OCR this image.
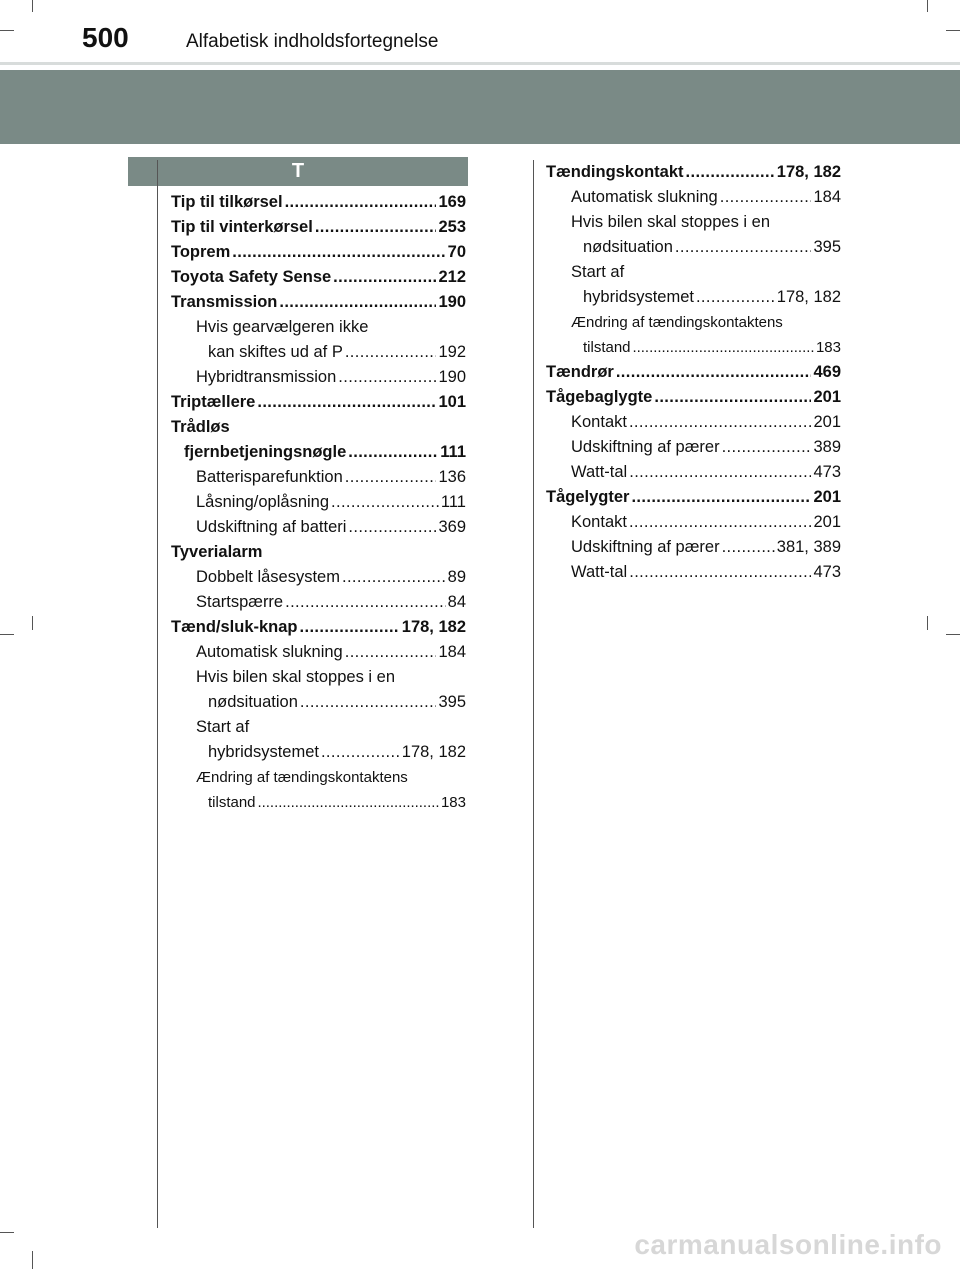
500	Alfabetisk indholdsfortegnelse
T
Tip til tilkørsel . . .	169
Tip til vinterkørsel . . .	253
Toprem . . .	70
Toyota Safety Sense . . .	212
Transmission . . .	190
Hvis gearvælgeren ikke
kan skiftes ud af P . . .	192
Hybridtransmission . . .	190
Triptællere . . .	101
Trådløs
fjernbetjeningsnøgle . . .	111
Batterisparefunktion . . .	136
Låsning/oplåsning . . .	111
Udskiftning af batteri . . .	369
Tyverialarm
Dobbelt låsesystem . . .	89
Startspærre . . .	84
Tænd/sluk-knap . . .	178, 182
Automatisk slukning . . .	184
Hvis bilen skal stoppes i en
nødsituation . . .	395
Start af
hybridsystemet . . .	178, 182
Ændring af tændingskontaktens
tilstand . . .	183
Tændingskontakt . . .	178, 182
Automatisk slukning . . .	184
Hvis bilen skal stoppes i en
nødsituation . . .	395
Start af
hybridsystemet . . .	178, 182
Ændring af tændingskontaktens
tilstand . . .	183
Tændrør . . .	469
Tågebaglygte . . .	201
Kontakt . . .	201
Udskiftning af pærer . . .	389
Watt-tal . . .	473
Tågelygter . . .	201
Kontakt . . .	201
Udskiftning af pærer . . .	381, 389
Watt-tal . . .	473
carmanualsonline.info
